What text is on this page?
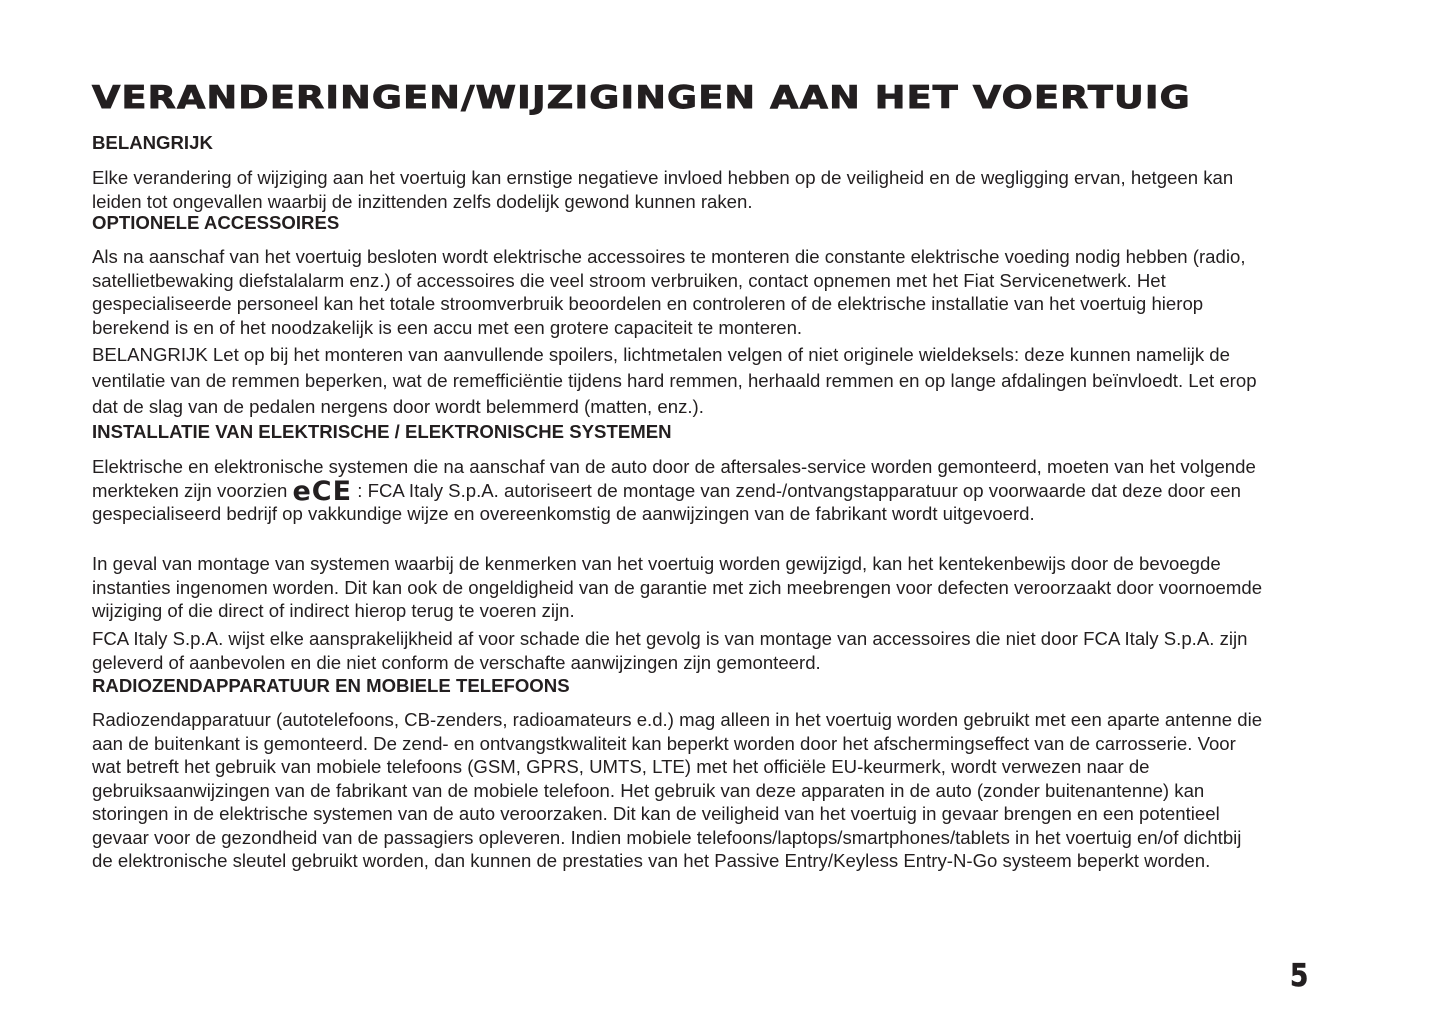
VERANDERINGEN/WIJZIGINGEN AAN HET VOERTUIG
BELANGRIJK

Elke verandering of wijziging aan het voertuig kan ernstige negatieve invloed hebben op de veiligheid en de wegligging ervan, hetgeen kan leiden tot ongevallen waarbij de inzittenden zelfs dodelijk gewond kunnen raken.

OPTIONELE ACCESSOIRES

Als na aanschaf van het voertuig besloten wordt elektrische accessoires te monteren die constante elektrische voeding nodig hebben (radio, satellietbewaking diefstalalarm enz.) of accessoires die veel stroom verbruiken, contact opnemen met het Fiat Servicenetwerk. Het gespecialiseerde personeel kan het totale stroomverbruik beoordelen en controleren of de elektrische installatie van het voertuig hierop berekend is en of het noodzakelijk is een accu met een grotere capaciteit te monteren.

BELANGRIJK Let op bij het monteren van aanvullende spoilers, lichtmetalen velgen of niet originele wieldeksels: deze kunnen namelijk de ventilatie van de remmen beperken, wat de remefficiëntie tijdens hard remmen, herhaald remmen en op lange afdalingen beïnvloedt. Let erop dat de slag van de pedalen nergens door wordt belemmerd (matten, enz.).

INSTALLATIE VAN ELEKTRISCHE / ELEKTRONISCHE SYSTEMEN

Elektrische en elektronische systemen die na aanschaf van de auto door de aftersales-service worden gemonteerd, moeten van het volgende merkteken zijn voorzien eCE : FCA Italy S.p.A. autoriseert de montage van zend-/ontvangstapparatuur op voorwaarde dat deze door een gespecialiseerd bedrijf op vakkundige wijze en overeenkomstig de aanwijzingen van de fabrikant wordt uitgevoerd.

In geval van montage van systemen waarbij de kenmerken van het voertuig worden gewijzigd, kan het kentekenbewijs door de bevoegde instanties ingenomen worden. Dit kan ook de ongeldigheid van de garantie met zich meebrengen voor defecten veroorzaakt door voornoemde wijziging of die direct of indirect hierop terug te voeren zijn.

FCA Italy S.p.A. wijst elke aansprakelijkheid af voor schade die het gevolg is van montage van accessoires die niet door FCA Italy S.p.A. zijn geleverd of aanbevolen en die niet conform de verschafte aanwijzingen zijn gemonteerd.

RADIOZENDAPPARATUUR EN MOBIELE TELEFOONS

Radiozendapparatuur (autotelefoons, CB-zenders, radioamateurs e.d.) mag alleen in het voertuig worden gebruikt met een aparte antenne die aan de buitenkant is gemonteerd. De zend- en ontvangstkwaliteit kan beperkt worden door het afschermingseffect van de carrosserie. Voor wat betreft het gebruik van mobiele telefoons (GSM, GPRS, UMTS, LTE) met het officiële EU-keurmerk, wordt verwezen naar de gebruiksaanwijzingen van de fabrikant van de mobiele telefoon. Het gebruik van deze apparaten in de auto (zonder buitenantenne) kan storingen in de elektrische systemen van de auto veroorzaken. Dit kan de veiligheid van het voertuig in gevaar brengen en een potentieel gevaar voor de gezondheid van de passagiers opleveren. Indien mobiele telefoons/laptops/smartphones/tablets in het voertuig en/of dichtbij de elektronische sleutel gebruikt worden, dan kunnen de prestaties van het Passive Entry/Keyless Entry-N-Go systeem beperkt worden.

5
